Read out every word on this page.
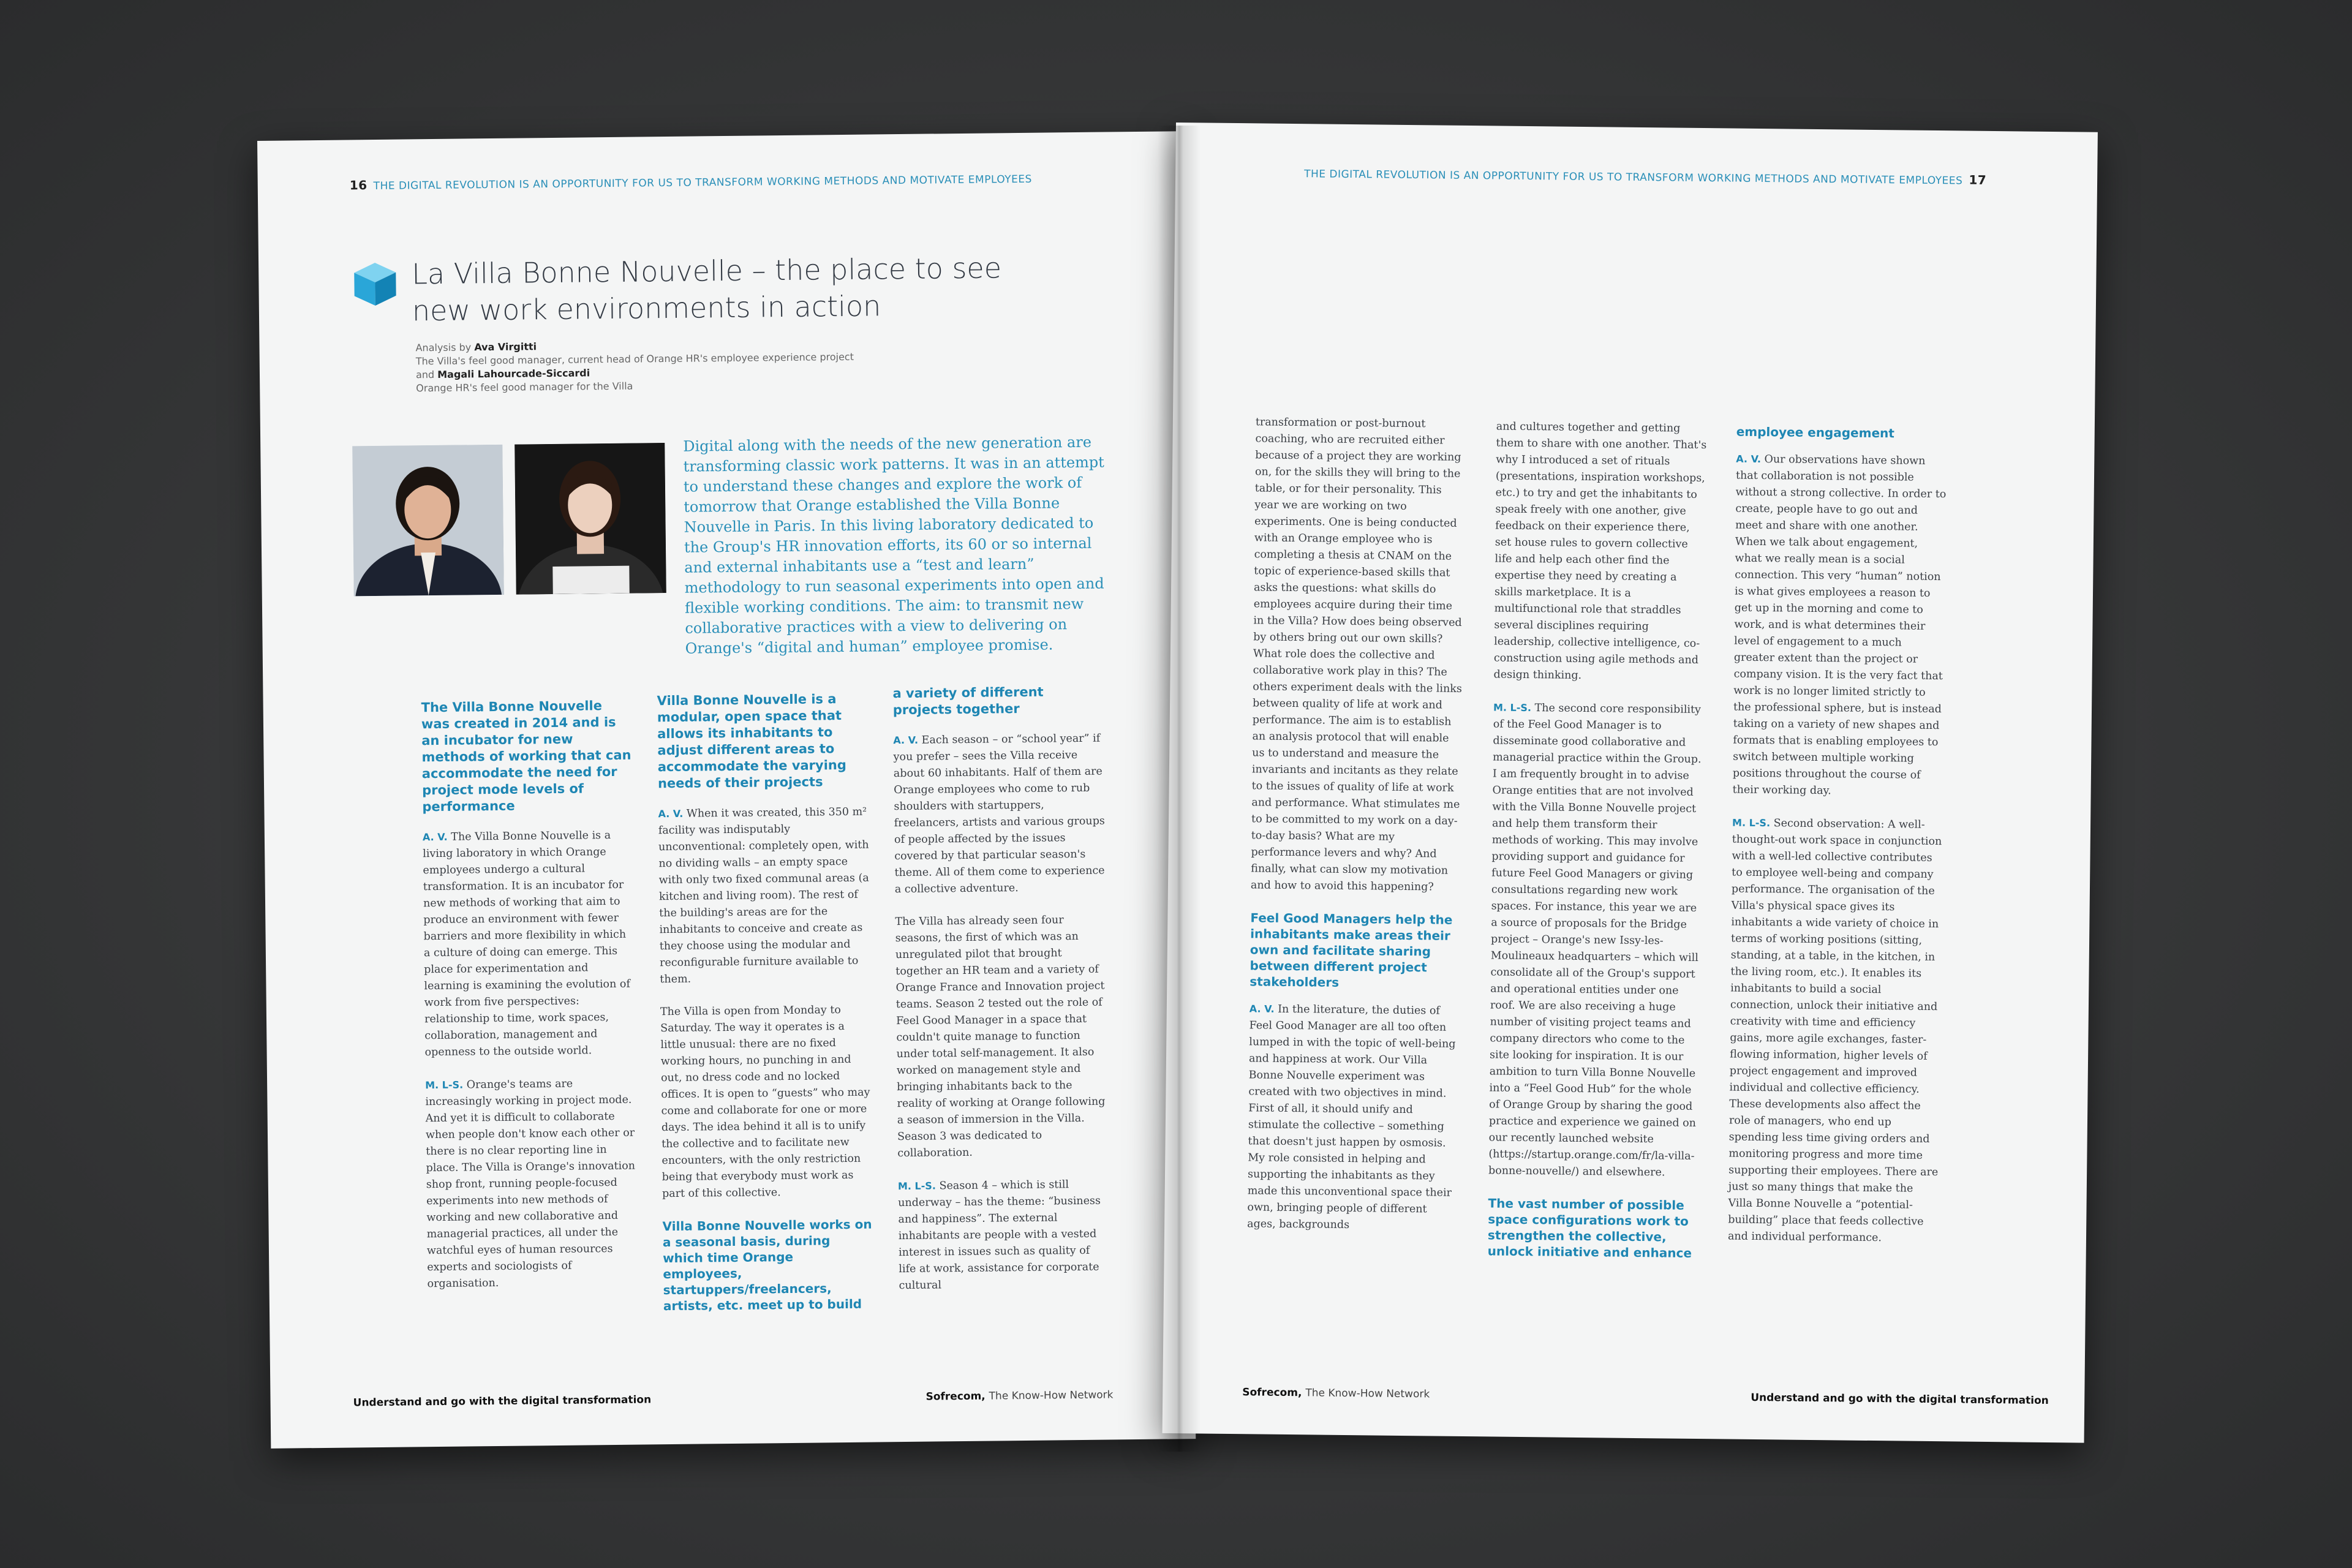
16 THE DIGITAL REVOLUTION IS AN OPPORTUNITY FOR US TO TRANSFORM WORKING METHODS AND MOTIVATE EMPLOYEES
La Villa Bonne Nouvelle – the place to see new work environments in action
Analysis by Ava Virgitti
The Villa's feel good manager, current head of Orange HR's employee experience project
and Magali Lahourcade-Siccardi
Orange HR's feel good manager for the Villa
Digital along with the needs of the new generation are transforming classic work patterns. It was in an attempt to understand these changes and explore the work of tomorrow that Orange established the Villa Bonne Nouvelle in Paris. In this living laboratory dedicated to the Group's HR innovation efforts, its 60 or so internal and external inhabitants use a “test and learn” methodology to run seasonal experiments into open and flexible working conditions. The aim: to transmit new collaborative practices with a view to delivering on Orange's “digital and human” employee promise.
The Villa Bonne Nouvelle was created in 2014 and is an incubator for new methods of working that can accommodate the need for project mode levels of performance

A. V. The Villa Bonne Nouvelle is a living laboratory in which Orange employees undergo a cultural transformation. It is an incubator for new methods of working that aim to produce an environment with fewer barriers and more flexibility in which a culture of doing can emerge. This place for experimentation and learning is examining the evolution of work from five perspectives: relationship to time, work spaces, collaboration, management and openness to the outside world.

M. L-S. Orange's teams are increasingly working in project mode. And yet it is difficult to collaborate when people don't know each other or there is no clear reporting line in place. The Villa is Orange's innovation shop front, running people-focused experiments into new methods of working and new collaborative and managerial practices, all under the watchful eyes of human resources experts and sociologists of organisation.

Villa Bonne Nouvelle is a modular, open space that allows its inhabitants to adjust different areas to accommodate the varying needs of their projects

A. V. When it was created, this 350 m² facility was indisputably unconventional: completely open, with no dividing walls – an empty space with only two fixed communal areas (a kitchen and living room). The rest of the building's areas are for the inhabitants to conceive and create as they choose using the modular and reconfigurable furniture available to them.

The Villa is open from Monday to Saturday. The way it operates is a little unusual: there are no fixed working hours, no punching in and out, no dress code and no locked offices. It is open to “guests” who may come and collaborate for one or more days. The idea behind it all is to unify the collective and to facilitate new encounters, with the only restriction being that everybody must work as part of this collective.

Villa Bonne Nouvelle works on a seasonal basis, during which time Orange employees, startuppers/freelancers, artists, etc. meet up to build
a variety of different projects together

A. V. Each season – or “school year” if you prefer – sees the Villa receive about 60 inhabitants. Half of them are Orange employees who come to rub shoulders with startuppers, freelancers, artists and various groups of people affected by the issues covered by that particular season's theme. All of them come to experience a collective adventure.

The Villa has already seen four seasons, the first of which was an unregulated pilot that brought together an HR team and a variety of Orange France and Innovation project teams. Season 2 tested out the role of Feel Good Manager in a space that couldn't quite manage to function under total self-management. It also worked on management style and bringing inhabitants back to the reality of working at Orange following a season of immersion in the Villa. Season 3 was dedicated to collaboration.

M. L-S. Season 4 – which is still underway – has the theme: “business and happiness”. The external inhabitants are people with a vested interest in issues such as quality of life at work, assistance for corporate cultural

Understand and go with the digital transformation	Sofrecom, The Know-How Network
THE DIGITAL REVOLUTION IS AN OPPORTUNITY FOR US TO TRANSFORM WORKING METHODS AND MOTIVATE EMPLOYEES 17

transformation or post-burnout coaching, who are recruited either because of a project they are working on, for the skills they will bring to the table, or for their personality. This year we are working on two experiments. One is being conducted with an Orange employee who is completing a thesis at CNAM on the topic of experience-based skills that asks the questions: what skills do employees acquire during their time in the Villa? How does being observed by others bring out our own skills? What role does the collective and collaborative work play in this? The others experiment deals with the links between quality of life at work and performance. The aim is to establish an analysis protocol that will enable us to understand and measure the invariants and incitants as they relate to the issues of quality of life at work and performance. What stimulates me to be committed to my work on a day-to-day basis? What are my performance levers and why? And finally, what can slow my motivation and how to avoid this happening?

Feel Good Managers help the inhabitants make areas their own and facilitate sharing between different project stakeholders

A. V. In the literature, the duties of Feel Good Manager are all too often lumped in with the topic of well-being and happiness at work. Our Villa Bonne Nouvelle experiment was created with two objectives in mind. First of all, it should unify and stimulate the collective – something that doesn't just happen by osmosis. My role consisted in helping and supporting the inhabitants as they made this unconventional space their own, bringing people of different ages, backgrounds

and cultures together and getting them to share with one another. That's why I introduced a set of rituals (presentations, inspiration workshops, etc.) to try and get the inhabitants to speak freely with one another, give feedback on their experience there, set house rules to govern collective life and help each other find the expertise they need by creating a skills marketplace. It is a multifunctional role that straddles several disciplines requiring leadership, collective intelligence, co-construction using agile methods and design thinking.

M. L-S. The second core responsibility of the Feel Good Manager is to disseminate good collaborative and managerial practice within the Group. I am frequently brought in to advise Orange entities that are not involved with the Villa Bonne Nouvelle project and help them transform their methods of working. This may involve providing support and guidance for future Feel Good Managers or giving consultations regarding new work spaces. For instance, this year we are a source of proposals for the Bridge project – Orange's new Issy-les-Moulineaux headquarters – which will consolidate all of the Group's support and operational entities under one roof. We are also receiving a huge number of visiting project teams and company directors who come to the site looking for inspiration. It is our ambition to turn Villa Bonne Nouvelle into a “Feel Good Hub” for the whole of Orange Group by sharing the good practice and experience we gained on our recently launched website (https://startup.orange.com/fr/la-villa-bonne-nouvelle/) and elsewhere.

The vast number of possible space configurations work to strengthen the collective, unlock initiative and enhance
employee engagement

A. V. Our observations have shown that collaboration is not possible without a strong collective. In order to create, people have to go out and meet and share with one another. When we talk about engagement, what we really mean is a social connection. This very “human” notion is what gives employees a reason to get up in the morning and come to work, and is what determines their level of engagement to a much greater extent than the project or company vision. It is the very fact that work is no longer limited strictly to the professional sphere, but is instead taking on a variety of new shapes and formats that is enabling employees to switch between multiple working positions throughout the course of their working day.

M. L-S. Second observation: A well-thought-out work space in conjunction with a well-led collective contributes to employee well-being and company performance. The organisation of the Villa's physical space gives its inhabitants a wide variety of choice in terms of working positions (sitting, standing, at a table, in the kitchen, in the living room, etc.). It enables its inhabitants to build a social connection, unlock their initiative and creativity with time and efficiency gains, more agile exchanges, faster-flowing information, higher levels of project engagement and improved individual and collective efficiency. These developments also affect the role of managers, who end up spending less time giving orders and monitoring progress and more time supporting their employees. There are just so many things that make the Villa Bonne Nouvelle a “potential-building” place that feeds collective and individual performance.

Sofrecom, The Know-How Network	Understand and go with the digital transformation
